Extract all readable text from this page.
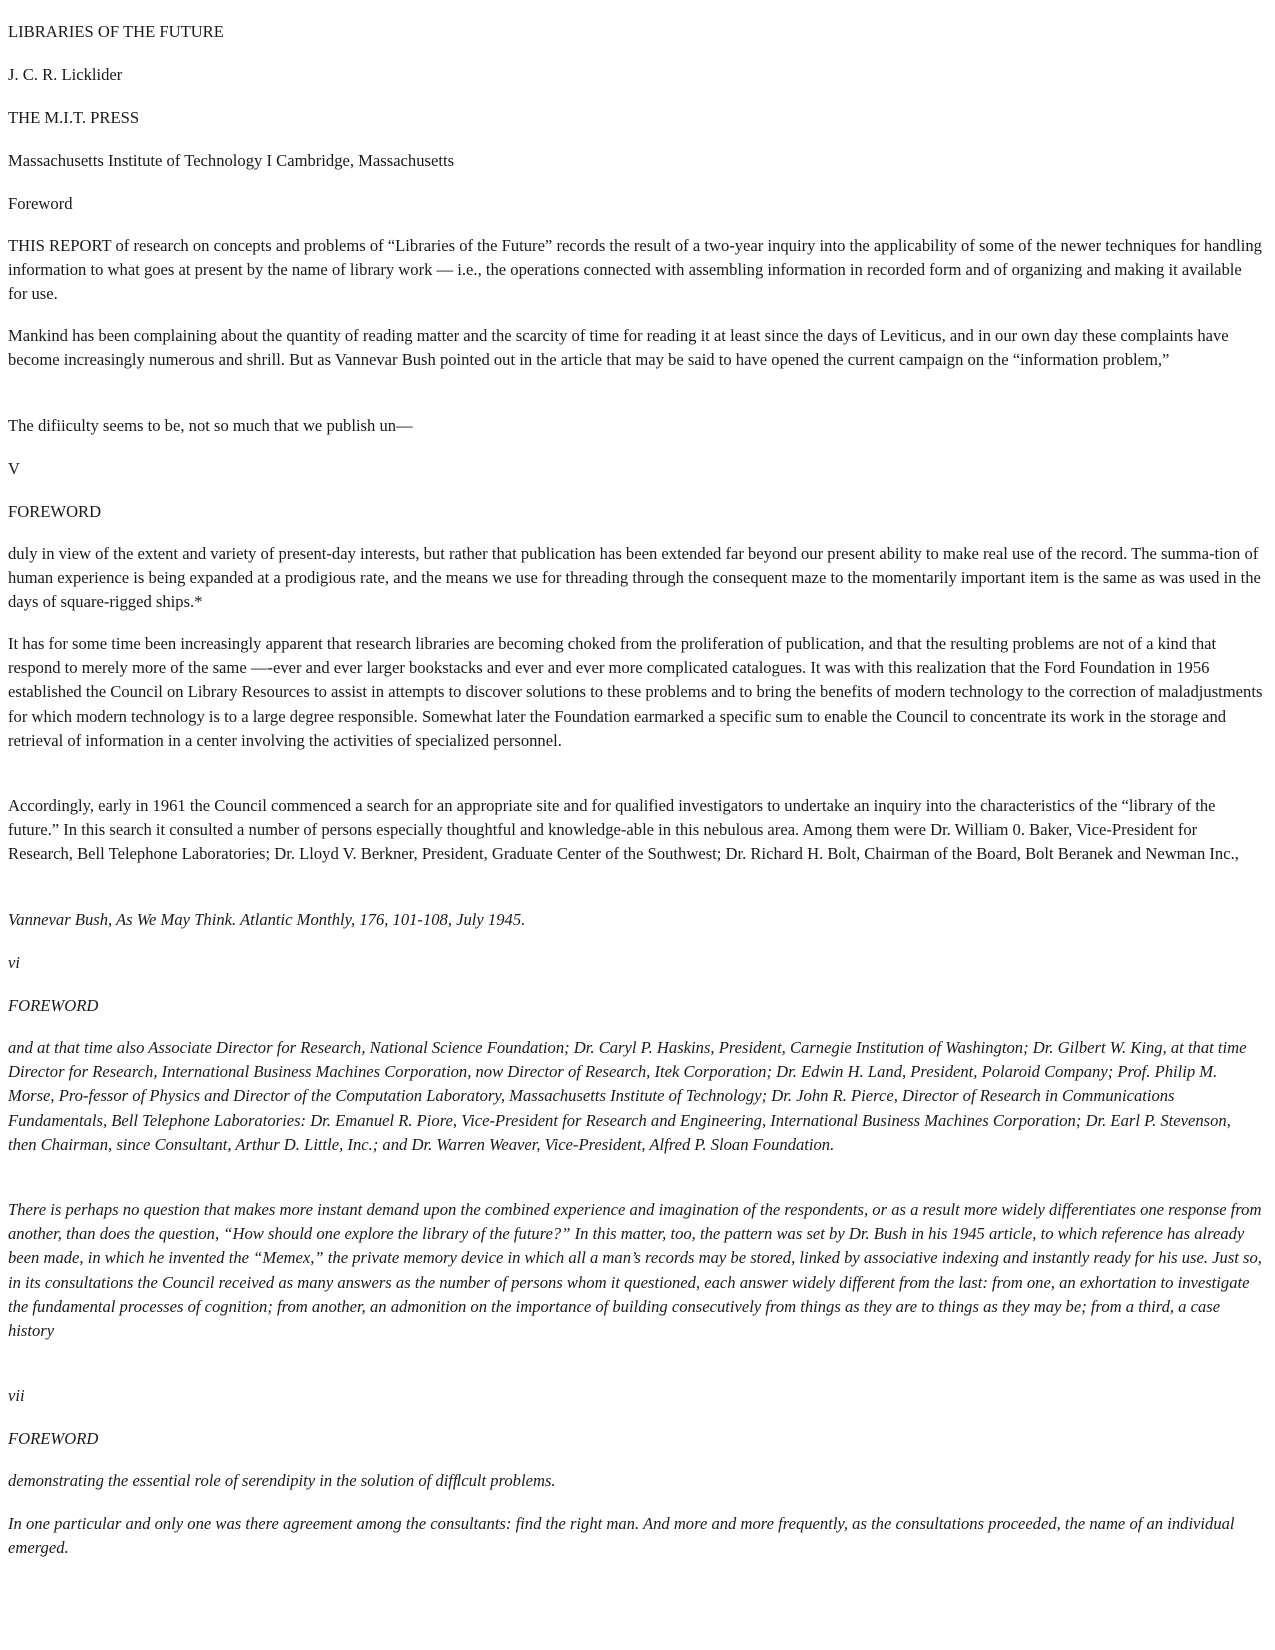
LIBRARIES OF THE FUTURE

J. C. R. Licklider

THE M.I.T. PRESS

Massachusetts Institute of Technology I Cambridge, Massachusetts

Foreword

THIS REPORT of research on concepts and problems of “Libraries of the Future” records the result of a two-year inquiry into the applicability of some of the newer techniques for handling information to what goes at present by the name of library work — i.e., the operations connected with assembling information in recorded form and of organizing and making it available for use.

Mankind has been complaining about the quantity of reading matter and the scarcity of time for reading it at least since the days of Leviticus, and in our own day these complaints have become increasingly numerous and shrill. But as Vannevar Bush pointed out in the article that may be said to have opened the current campaign on the “information problem,”

The difiiculty seems to be, not so much that we publish un—

V

FOREWORD

duly in view of the extent and variety of present-day interests, but rather that publication has been extended far beyond our present ability to make real use of the record. The summa-tion of human experience is being expanded at a prodigious rate, and the means we use for threading through the consequent maze to the momentarily important item is the same as was used in the days of square-rigged ships.*

It has for some time been increasingly apparent that research libraries are becoming choked from the proliferation of publication, and that the resulting problems are not of a kind that respond to merely more of the same —-ever and ever larger bookstacks and ever and ever more complicated catalogues. It was with this realization that the Ford Foundation in 1956 established the Council on Library Resources to assist in attempts to discover solutions to these problems and to bring the benefits of modern technology to the correction of maladjustments for which modern technology is to a large degree responsible. Somewhat later the Foundation earmarked a specific sum to enable the Council to concentrate its work in the storage and retrieval of information in a center involving the activities of specialized personnel.

Accordingly, early in 1961 the Council commenced a search for an appropriate site and for qualified investigators to undertake an inquiry into the characteristics of the “library of the future.” In this search it consulted a number of persons especially thoughtful and knowledge-able in this nebulous area. Among them were Dr. William 0. Baker, Vice-President for Research, Bell Telephone Laboratories; Dr. Lloyd V. Berkner, President, Graduate Center of the Southwest; Dr. Richard H. Bolt, Chairman of the Board, Bolt Beranek and Newman Inc.,

Vannevar Bush, As We May Think. Atlantic Monthly, 176, 101-108, July 1945.

vi

FOREWORD

and at that time also Associate Director for Research, National Science Foundation; Dr. Caryl P. Haskins, President, Carnegie Institution of Washington; Dr. Gilbert W. King, at that time Director for Research, International Business Machines Corporation, now Director of Research, Itek Corporation; Dr. Edwin H. Land, President, Polaroid Company; Prof. Philip M. Morse, Pro-fessor of Physics and Director of the Computation Laboratory, Massachusetts Institute of Technology; Dr. John R. Pierce, Director of Research in Communications Fundamentals, Bell Telephone Laboratories: Dr. Emanuel R. Piore, Vice-President for Research and Engineering, International Business Machines Corporation; Dr. Earl P. Stevenson, then Chairman, since Consultant, Arthur D. Little, Inc.; and Dr. Warren Weaver, Vice-President, Alfred P. Sloan Foundation.

There is perhaps no question that makes more instant demand upon the combined experience and imagination of the respondents, or as a result more widely differentiates one response from another, than does the question, “How should one explore the library of the future?” In this matter, too, the pattern was set by Dr. Bush in his 1945 article, to which reference has already been made, in which he invented the “Memex,” the private memory device in which all a man’s records may be stored, linked by associative indexing and instantly ready for his use. Just so, in its consultations the Council received as many answers as the number of persons whom it questioned, each answer widely different from the last: from one, an exhortation to investigate the fundamental processes of cognition; from another, an admonition on the importance of building consecutively from things as they are to things as they may be; from a third, a case history

vii

FOREWORD

demonstrating the essential role of serendipity in the solution of difﬂcult problems.

In one particular and only one was there agreement among the consultants: find the right man. And more and more frequently, as the consultations proceeded, the name of an individual emerged.
